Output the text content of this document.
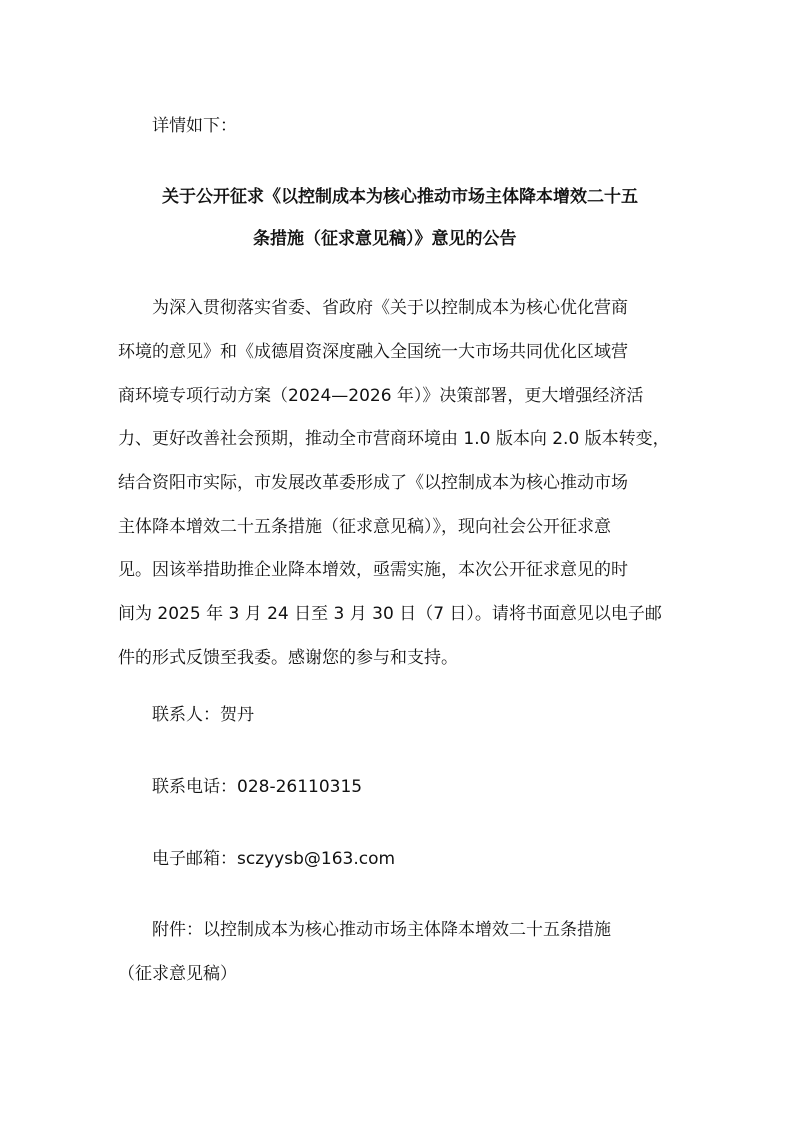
详情如下：
关于公开征求《以控制成本为核心推动市场主体降本增效二十五
条措施（征求意见稿）》意见的公告
为深入贯彻落实省委、省政府《关于以控制成本为核心优化营商
环境的意见》和《成德眉资深度融入全国统一大市场共同优化区域营
商环境专项行动方案（2024—2026 年）》决策部署，更大增强经济活
力、更好改善社会预期，推动全市营商环境由 1.0 版本向 2.0 版本转变，
结合资阳市实际，市发展改革委形成了《以控制成本为核心推动市场
主体降本增效二十五条措施（征求意见稿）》，现向社会公开征求意
见。因该举措助推企业降本增效，亟需实施，本次公开征求意见的时
间为 2025 年 3 月 24 日至 3 月 30 日（7 日）。请将书面意见以电子邮
件的形式反馈至我委。感谢您的参与和支持。
联系人：贺丹
联系电话：028-26110315
电子邮箱：sczyysb@163.com
附件：以控制成本为核心推动市场主体降本增效二十五条措施
（征求意见稿）
